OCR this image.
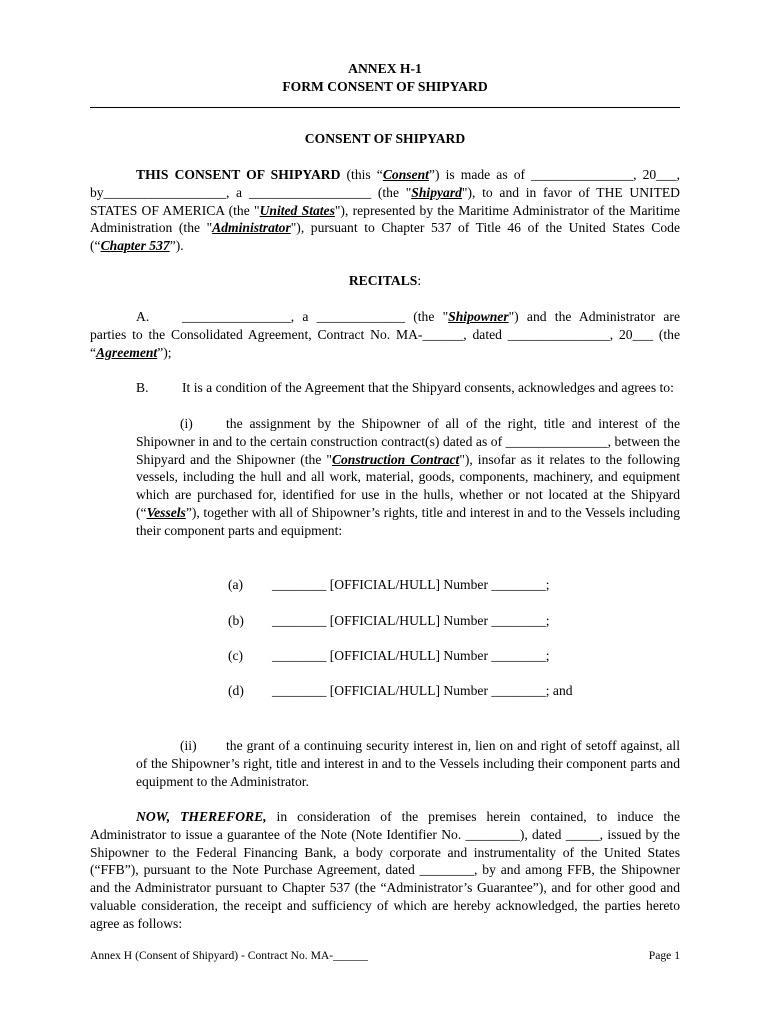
ANNEX H-1
FORM CONSENT OF SHIPYARD
CONSENT OF SHIPYARD

THIS CONSENT OF SHIPYARD (this “Consent”) is made as of _______________, 20___, by__________________, a __________________ (the "Shipyard"), to and in favor of THE UNITED STATES OF AMERICA (the "United States"), represented by the Maritime Administrator of the Maritime Administration (the "Administrator"), pursuant to Chapter 537 of Title 46 of the United States Code (“Chapter 537”).

RECITALS:
A.	________________, a _____________ (the "Shipowner") and the Administrator are parties to the Consolidated Agreement, Contract No. MA-______, dated _______________, 20___ (the “Agreement”);

B.	It is a condition of the Agreement that the Shipyard consents, acknowledges and agrees to:

(i)	the assignment by the Shipowner of all of the right, title and interest of the Shipowner in and to the certain construction contract(s) dated as of _______________, between the Shipyard and the Shipowner (the "Construction Contract"), insofar as it relates to the following vessels, including the hull and all work, material, goods, components, machinery, and equipment which are purchased for, identified for use in the hulls, whether or not located at the Shipyard (“Vessels”), together with all of Shipowner’s rights, title and interest in and to the Vessels including their component parts and equipment:

(a) ________ [OFFICIAL/HULL] Number ________;
(b) ________ [OFFICIAL/HULL] Number ________;
(c) ________ [OFFICIAL/HULL] Number ________;
(d) ________ [OFFICIAL/HULL] Number ________; and
(ii)	the grant of a continuing security interest in, lien on and right of setoff against, all of the Shipowner’s right, title and interest in and to the Vessels including their component parts and equipment to the Administrator.

NOW, THEREFORE, in consideration of the premises herein contained, to induce the Administrator to issue a guarantee of the Note (Note Identifier No. ________), dated _____, issued by the Shipowner to the Federal Financing Bank, a body corporate and instrumentality of the United States (“FFB”), pursuant to the Note Purchase Agreement, dated ________, by and among FFB, the Shipowner and the Administrator pursuant to Chapter 537 (the “Administrator’s Guarantee”), and for other good and valuable consideration, the receipt and sufficiency of which are hereby acknowledged, the parties hereto agree as follows:

Annex H (Consent of Shipyard) - Contract No. MA-______	Page 1
